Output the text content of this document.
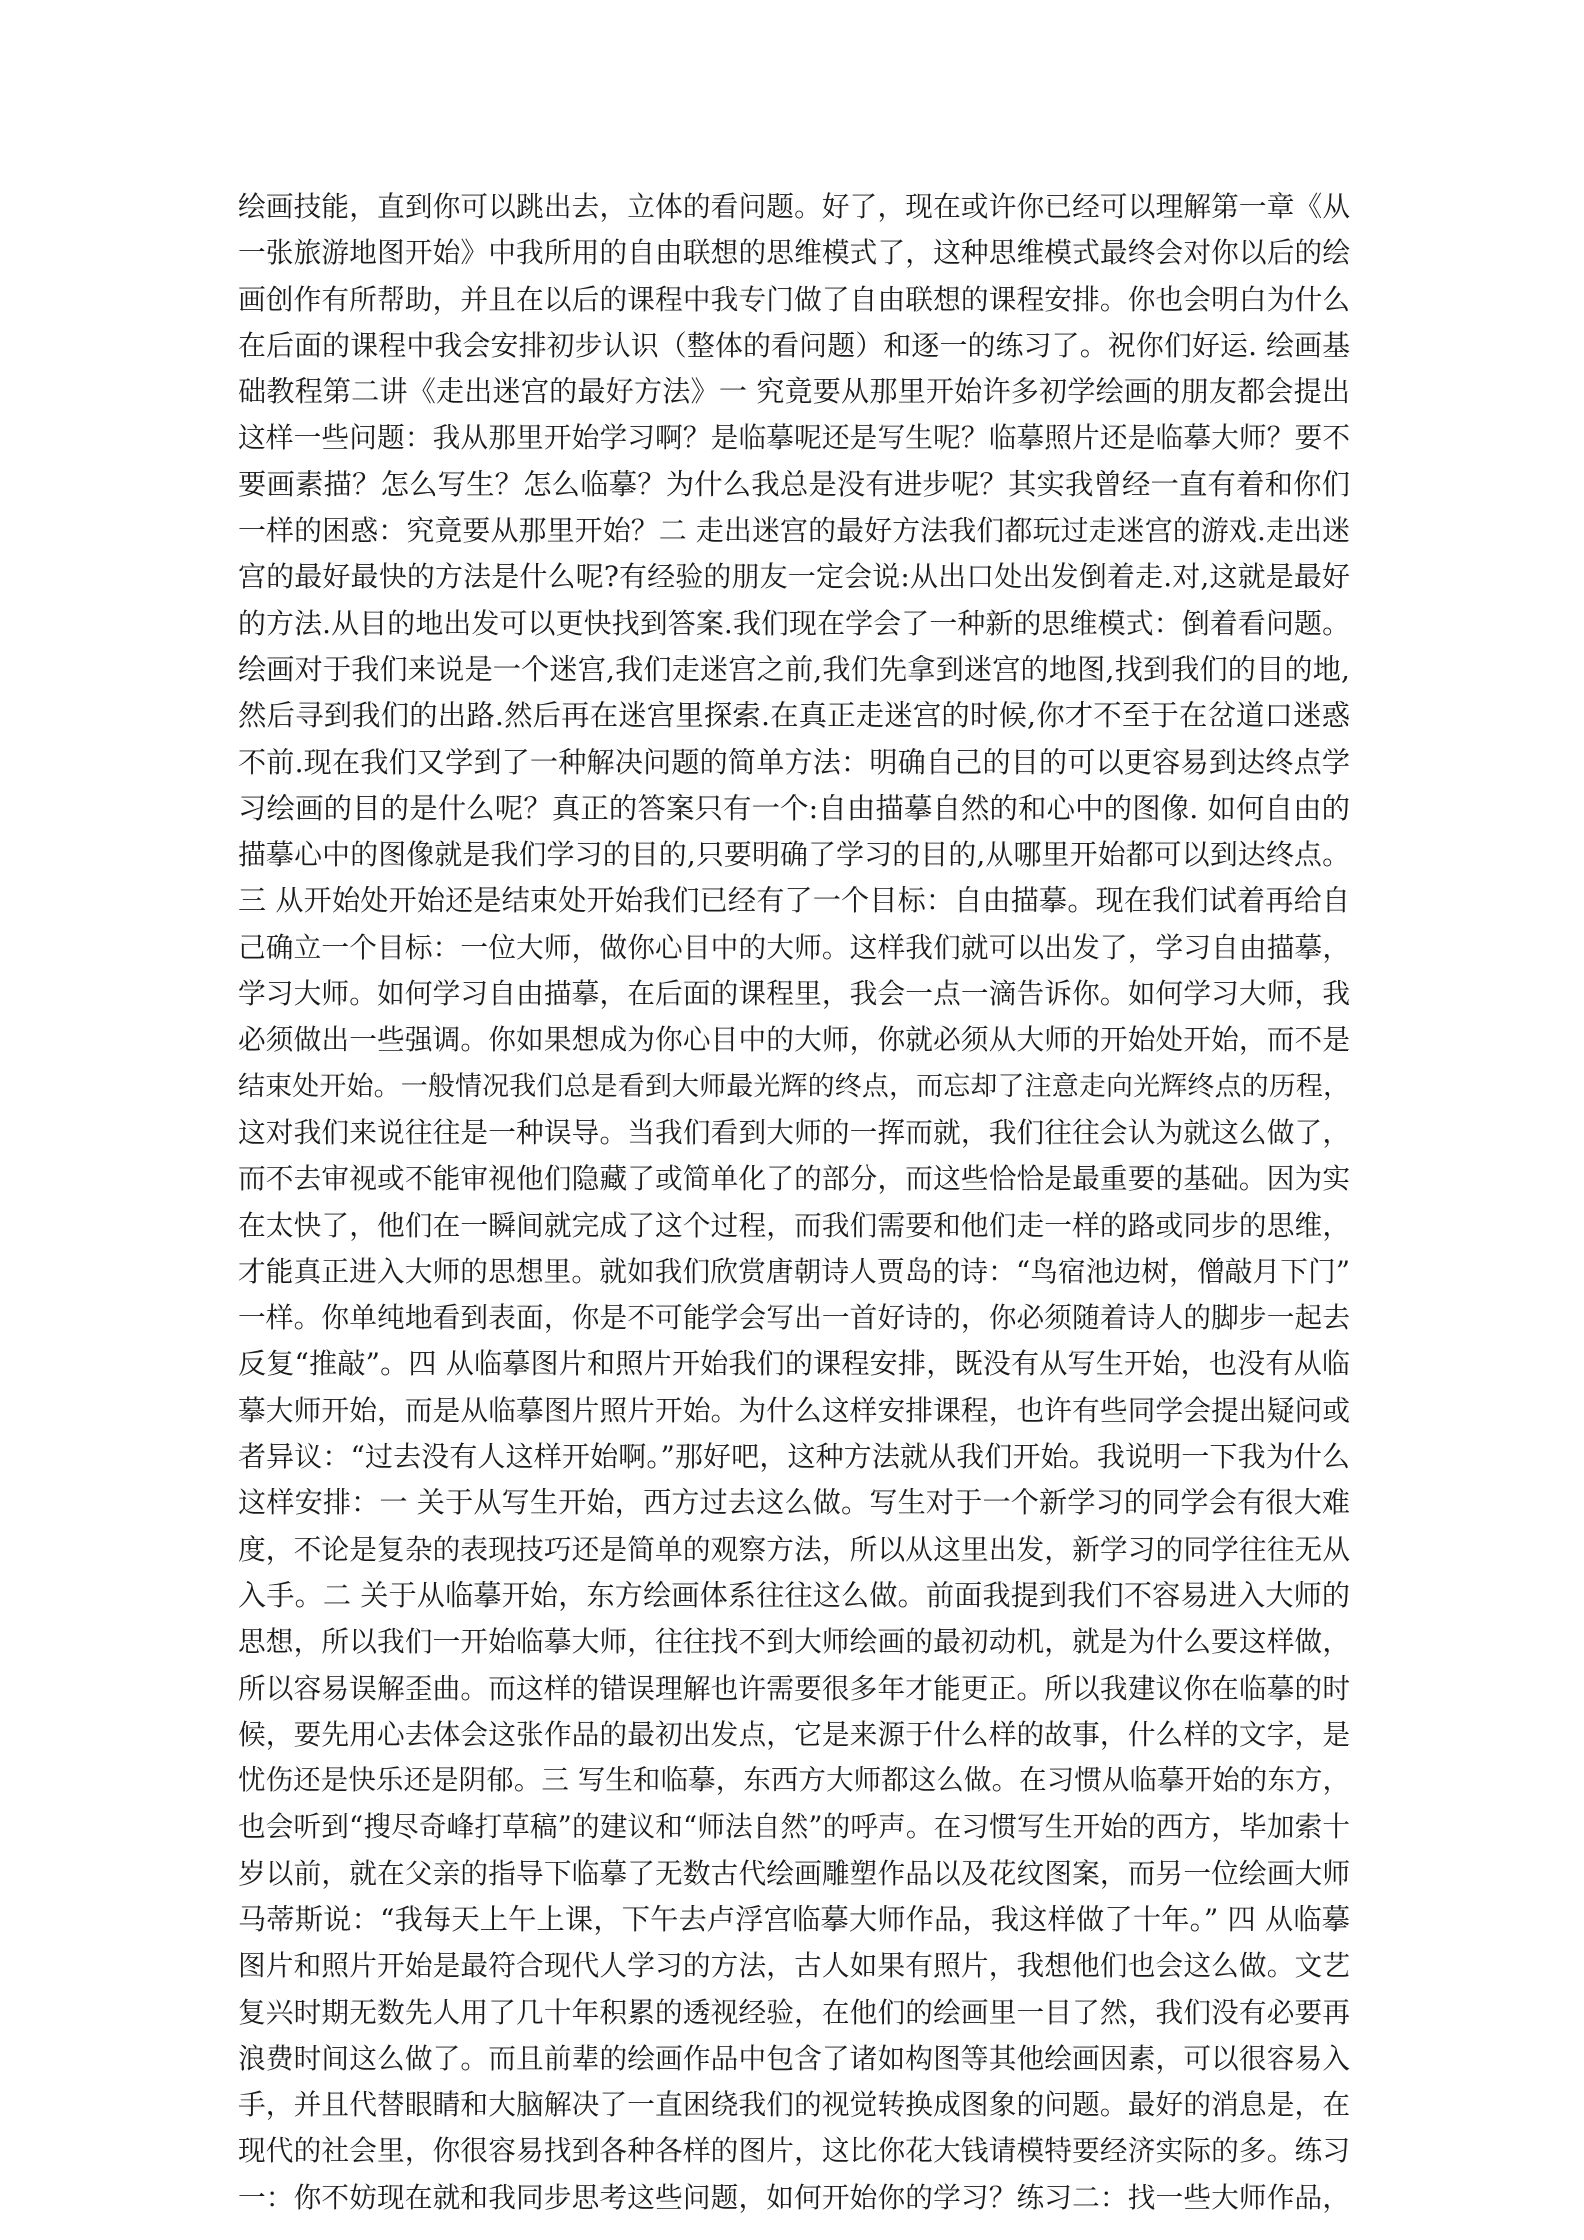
绘画技能，直到你可以跳出去，立体的看问题。好了，现在或许你已经可以理解第一章《从
一张旅游地图开始》中我所用的自由联想的思维模式了，这种思维模式最终会对你以后的绘
画创作有所帮助，并且在以后的课程中我专门做了自由联想的课程安排。你也会明白为什么
在后面的课程中我会安排初步认识（整体的看问题）和逐一的练习了。祝你们好运. 绘画基
础教程第二讲《走出迷宫的最好方法》一 究竟要从那里开始许多初学绘画的朋友都会提出
这样一些问题：我从那里开始学习啊？是临摹呢还是写生呢？临摹照片还是临摹大师？要不
要画素描？怎么写生？怎么临摹？为什么我总是没有进步呢？其实我曾经一直有着和你们
一样的困惑：究竟要从那里开始？二 走出迷宫的最好方法我们都玩过走迷宫的游戏.走出迷
宫的最好最快的方法是什么呢?有经验的朋友一定会说:从出口处出发倒着走.对,这就是最好
的方法.从目的地出发可以更快找到答案.我们现在学会了一种新的思维模式：倒着看问题。
绘画对于我们来说是一个迷宫,我们走迷宫之前,我们先拿到迷宫的地图,找到我们的目的地,
然后寻到我们的出路.然后再在迷宫里探索.在真正走迷宫的时候,你才不至于在岔道口迷惑
不前.现在我们又学到了一种解决问题的简单方法：明确自己的目的可以更容易到达终点学
习绘画的目的是什么呢？真正的答案只有一个:自由描摹自然的和心中的图像. 如何自由的
描摹心中的图像就是我们学习的目的,只要明确了学习的目的,从哪里开始都可以到达终点。
三 从开始处开始还是结束处开始我们已经有了一个目标：自由描摹。现在我们试着再给自
己确立一个目标：一位大师，做你心目中的大师。这样我们就可以出发了，学习自由描摹，
学习大师。如何学习自由描摹，在后面的课程里，我会一点一滴告诉你。如何学习大师，我
必须做出一些强调。你如果想成为你心目中的大师，你就必须从大师的开始处开始，而不是
结束处开始。一般情况我们总是看到大师最光辉的终点，而忘却了注意走向光辉终点的历程，
这对我们来说往往是一种误导。当我们看到大师的一挥而就，我们往往会认为就这么做了，
而不去审视或不能审视他们隐藏了或简单化了的部分，而这些恰恰是最重要的基础。因为实
在太快了，他们在一瞬间就完成了这个过程，而我们需要和他们走一样的路或同步的思维，
才能真正进入大师的思想里。就如我们欣赏唐朝诗人贾岛的诗：“鸟宿池边树，僧敲月下门”
一样。你单纯地看到表面，你是不可能学会写出一首好诗的，你必须随着诗人的脚步一起去
反复“推敲”。四 从临摹图片和照片开始我们的课程安排，既没有从写生开始，也没有从临
摹大师开始，而是从临摹图片照片开始。为什么这样安排课程，也许有些同学会提出疑问或
者异议：“过去没有人这样开始啊。”那好吧，这种方法就从我们开始。我说明一下我为什么
这样安排：一 关于从写生开始，西方过去这么做。写生对于一个新学习的同学会有很大难
度，不论是复杂的表现技巧还是简单的观察方法，所以从这里出发，新学习的同学往往无从
入手。二 关于从临摹开始，东方绘画体系往往这么做。前面我提到我们不容易进入大师的
思想，所以我们一开始临摹大师，往往找不到大师绘画的最初动机，就是为什么要这样做，
所以容易误解歪曲。而这样的错误理解也许需要很多年才能更正。所以我建议你在临摹的时
候，要先用心去体会这张作品的最初出发点，它是来源于什么样的故事，什么样的文字，是
忧伤还是快乐还是阴郁。三 写生和临摹，东西方大师都这么做。在习惯从临摹开始的东方，
也会听到“搜尽奇峰打草稿”的建议和“师法自然”的呼声。在习惯写生开始的西方，毕加索十
岁以前，就在父亲的指导下临摹了无数古代绘画雕塑作品以及花纹图案，而另一位绘画大师
马蒂斯说：“我每天上午上课，下午去卢浮宫临摹大师作品，我这样做了十年。” 四 从临摹
图片和照片开始是最符合现代人学习的方法，古人如果有照片，我想他们也会这么做。文艺
复兴时期无数先人用了几十年积累的透视经验，在他们的绘画里一目了然，我们没有必要再
浪费时间这么做了。而且前辈的绘画作品中包含了诸如构图等其他绘画因素，可以很容易入
手，并且代替眼睛和大脑解决了一直困绕我们的视觉转换成图象的问题。最好的消息是，在
现代的社会里，你很容易找到各种各样的图片，这比你花大钱请模特要经济实际的多。练习
一：你不妨现在就和我同步思考这些问题，如何开始你的学习？练习二：找一些大师作品，
